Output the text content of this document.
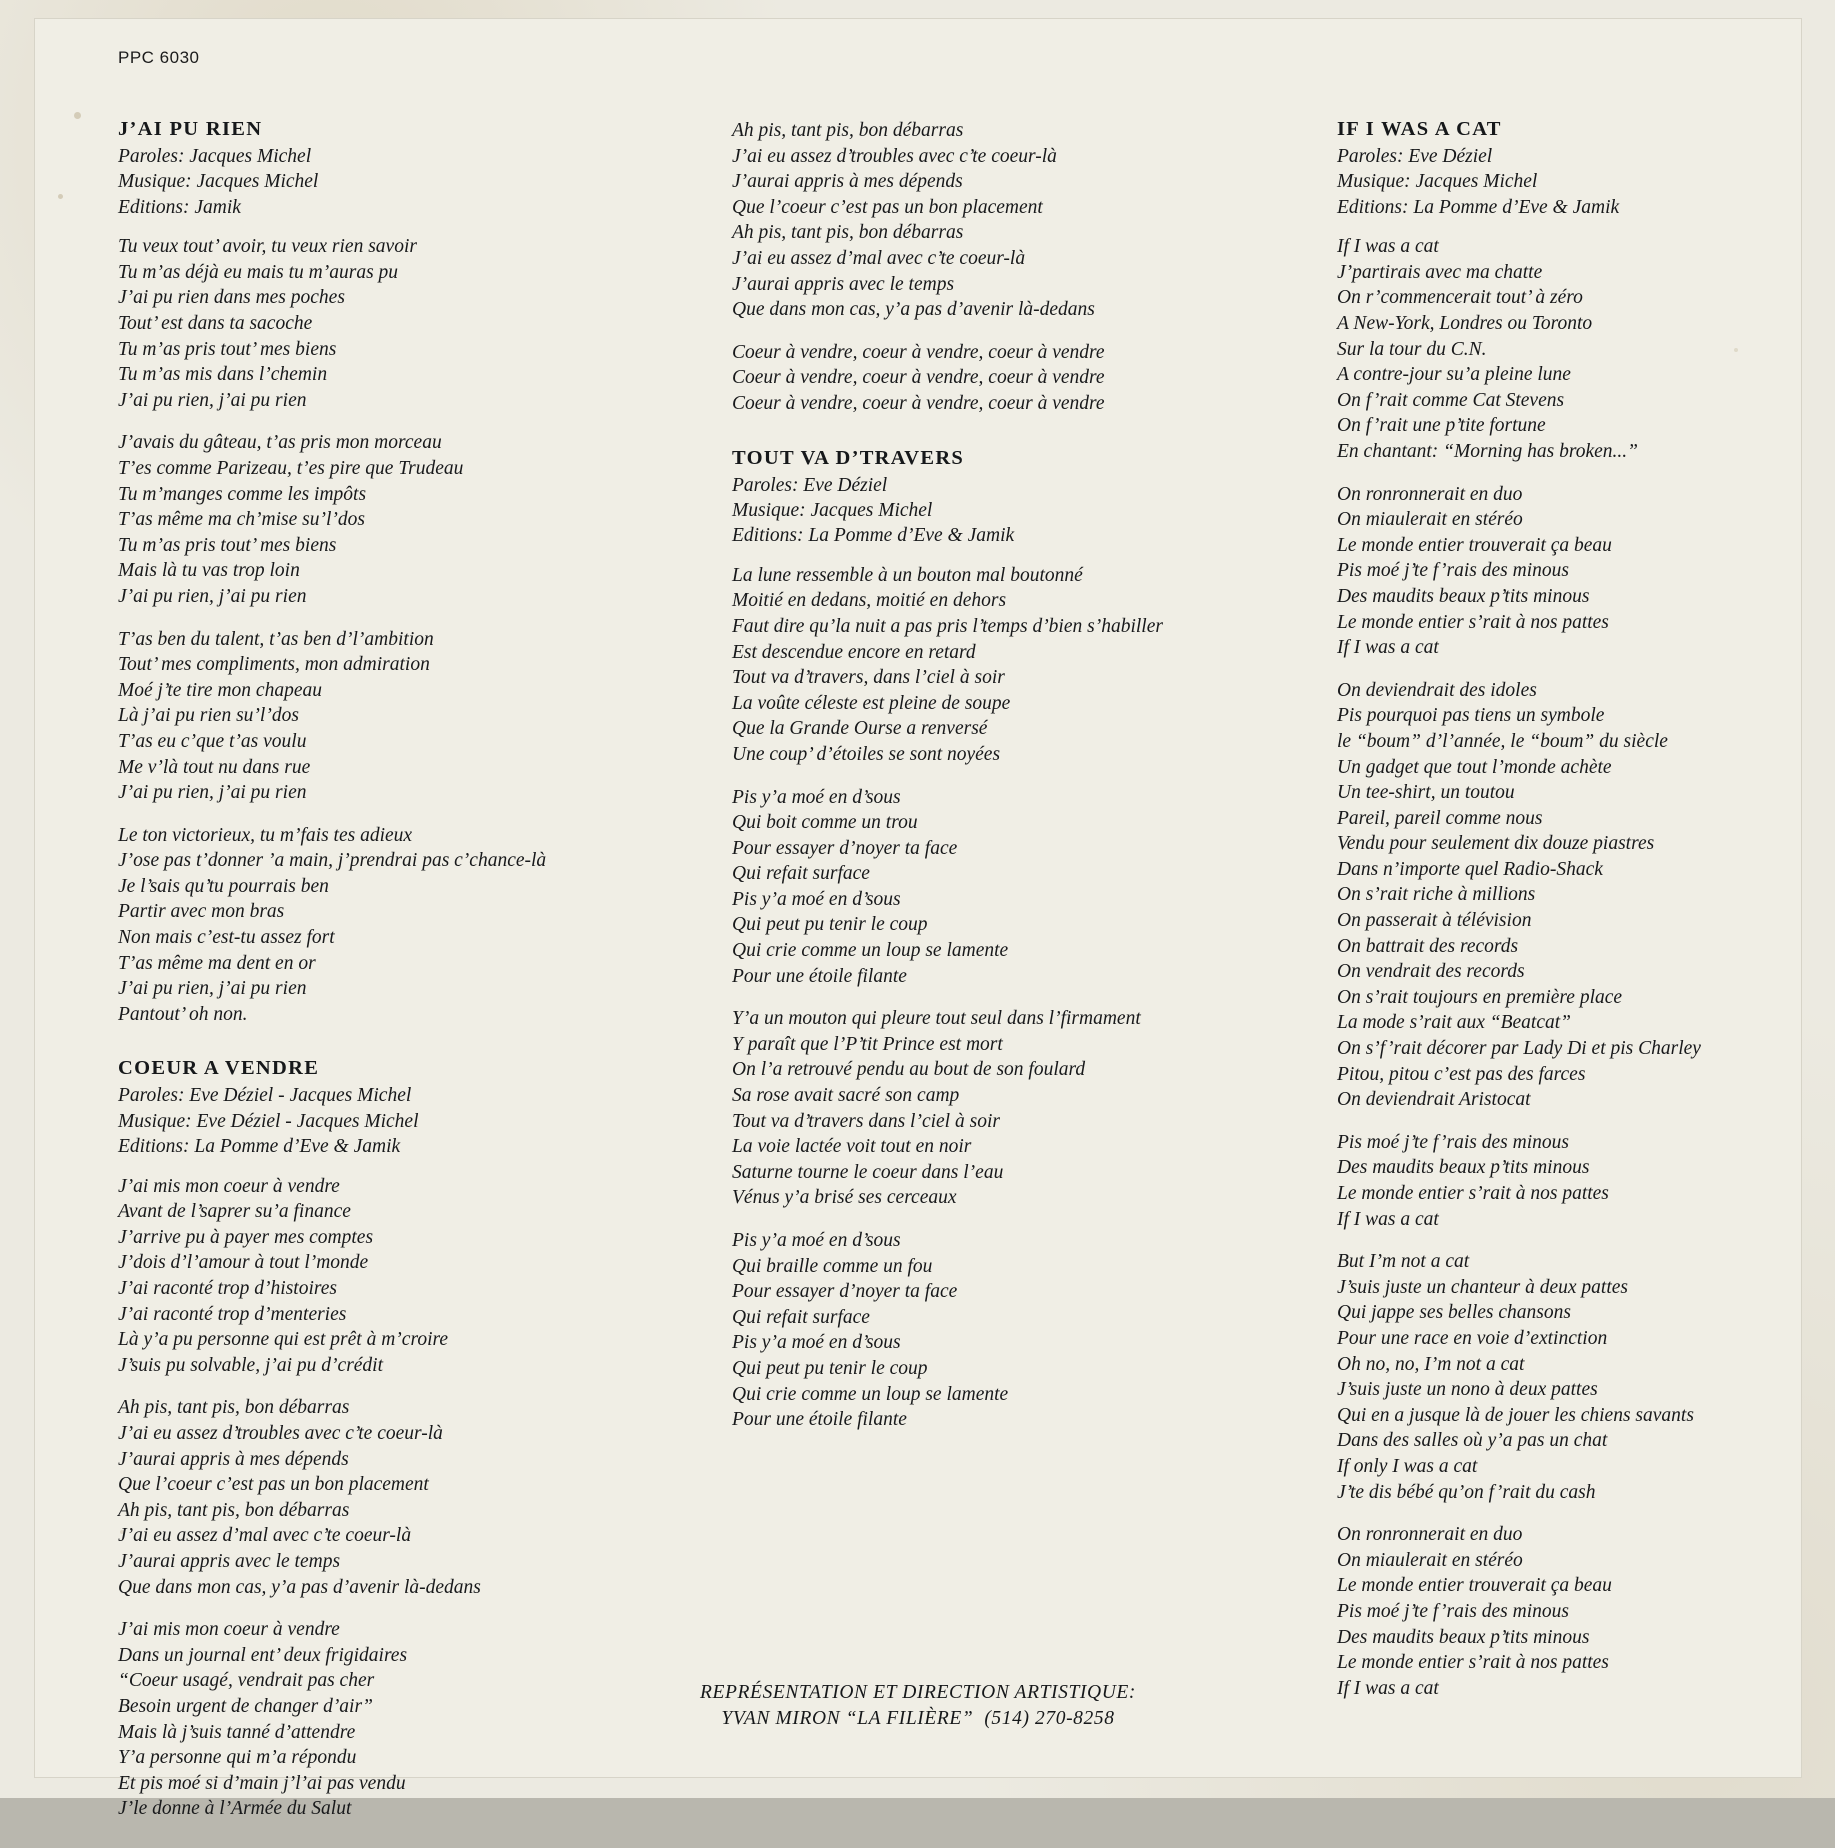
PPC 6030
J’AI PU RIEN
Paroles: Jacques Michel
Musique: Jacques Michel
Editions: Jamik
Tu veux tout’ avoir, tu veux rien savoir
Tu m’as déjà eu mais tu m’auras pu
J’ai pu rien dans mes poches
Tout’ est dans ta sacoche
Tu m’as pris tout’ mes biens
Tu m’as mis dans l’chemin
J’ai pu rien, j’ai pu rien
J’avais du gâteau, t’as pris mon morceau
T’es comme Parizeau, t’es pire que Trudeau
Tu m’manges comme les impôts
T’as même ma ch’mise su’l’dos
Tu m’as pris tout’ mes biens
Mais là tu vas trop loin
J’ai pu rien, j’ai pu rien
T’as ben du talent, t’as ben d’l’ambition
Tout’ mes compliments, mon admiration
Moé j’te tire mon chapeau
Là j’ai pu rien su’l’dos
T’as eu c’que t’as voulu
Me v’là tout nu dans rue
J’ai pu rien, j’ai pu rien
Le ton victorieux, tu m’fais tes adieux
J’ose pas t’donner ’a main, j’prendrai pas c’chance-là
Je l’sais qu’tu pourrais ben
Partir avec mon bras
Non mais c’est-tu assez fort
T’as même ma dent en or
J’ai pu rien, j’ai pu rien
Pantout’ oh non.
COEUR A VENDRE
Paroles: Eve Déziel - Jacques Michel
Musique: Eve Déziel - Jacques Michel
Editions: La Pomme d’Eve & Jamik
J’ai mis mon coeur à vendre
Avant de l’saprer su’a finance
J’arrive pu à payer mes comptes
J’dois d’l’amour à tout l’monde
J’ai raconté trop d’histoires
J’ai raconté trop d’menteries
Là y’a pu personne qui est prêt à m’croire
J’suis pu solvable, j’ai pu d’crédit
Ah pis, tant pis, bon débarras
J’ai eu assez d’troubles avec c’te coeur-là
J’aurai appris à mes dépends
Que l’coeur c’est pas un bon placement
Ah pis, tant pis, bon débarras
J’ai eu assez d’mal avec c’te coeur-là
J’aurai appris avec le temps
Que dans mon cas, y’a pas d’avenir là-dedans
J’ai mis mon coeur à vendre
Dans un journal ent’ deux frigidaires
“Coeur usagé, vendrait pas cher
Besoin urgent de changer d’air”
Mais là j’suis tanné d’attendre
Y’a personne qui m’a répondu
Et pis moé si d’main j’l’ai pas vendu
J’le donne à l’Armée du Salut
Ah pis, tant pis, bon débarras
J’ai eu assez d’troubles avec c’te coeur-là
J’aurai appris à mes dépends
Que l’coeur c’est pas un bon placement
Ah pis, tant pis, bon débarras
J’ai eu assez d’mal avec c’te coeur-là
J’aurai appris avec le temps
Que dans mon cas, y’a pas d’avenir là-dedans
Coeur à vendre, coeur à vendre, coeur à vendre
Coeur à vendre, coeur à vendre, coeur à vendre
Coeur à vendre, coeur à vendre, coeur à vendre
TOUT VA D’TRAVERS
Paroles: Eve Déziel
Musique: Jacques Michel
Editions: La Pomme d’Eve & Jamik
La lune ressemble à un bouton mal boutonné
Moitié en dedans, moitié en dehors
Faut dire qu’la nuit a pas pris l’temps d’bien s’habiller
Est descendue encore en retard
Tout va d’travers, dans l’ciel à soir
La voûte céleste est pleine de soupe
Que la Grande Ourse a renversé
Une coup’ d’étoiles se sont noyées
Pis y’a moé en d’sous
Qui boit comme un trou
Pour essayer d’noyer ta face
Qui refait surface
Pis y’a moé en d’sous
Qui peut pu tenir le coup
Qui crie comme un loup se lamente
Pour une étoile filante
Y’a un mouton qui pleure tout seul dans l’firmament
Y paraît que l’P’tit Prince est mort
On l’a retrouvé pendu au bout de son foulard
Sa rose avait sacré son camp
Tout va d’travers dans l’ciel à soir
La voie lactée voit tout en noir
Saturne tourne le coeur dans l’eau
Vénus y’a brisé ses cerceaux
Pis y’a moé en d’sous
Qui braille comme un fou
Pour essayer d’noyer ta face
Qui refait surface
Pis y’a moé en d’sous
Qui peut pu tenir le coup
Qui crie comme un loup se lamente
Pour une étoile filante
IF I WAS A CAT
Paroles: Eve Déziel
Musique: Jacques Michel
Editions: La Pomme d’Eve & Jamik
If I was a cat
J’partirais avec ma chatte
On r’commencerait tout’ à zéro
A New-York, Londres ou Toronto
Sur la tour du C.N.
A contre-jour su’a pleine lune
On f’rait comme Cat Stevens
On f’rait une p’tite fortune
En chantant: “Morning has broken...”
On ronronnerait en duo
On miaulerait en stéréo
Le monde entier trouverait ça beau
Pis moé j’te f’rais des minous
Des maudits beaux p’tits minous
Le monde entier s’rait à nos pattes
If I was a cat
On deviendrait des idoles
Pis pourquoi pas tiens un symbole
le “boum” d’l’année, le “boum” du siècle
Un gadget que tout l’monde achète
Un tee-shirt, un toutou
Pareil, pareil comme nous
Vendu pour seulement dix douze piastres
Dans n’importe quel Radio-Shack
On s’rait riche à millions
On passerait à télévision
On battrait des records
On vendrait des records
On s’rait toujours en première place
La mode s’rait aux “Beatcat”
On s’f’rait décorer par Lady Di et pis Charley
Pitou, pitou c’est pas des farces
On deviendrait Aristocat
Pis moé j’te f’rais des minous
Des maudits beaux p’tits minous
Le monde entier s’rait à nos pattes
If I was a cat
But I’m not a cat
J’suis juste un chanteur à deux pattes
Qui jappe ses belles chansons
Pour une race en voie d’extinction
Oh no, no, I’m not a cat
J’suis juste un nono à deux pattes
Qui en a jusque là de jouer les chiens savants
Dans des salles où y’a pas un chat
If only I was a cat
J’te dis bébé qu’on f’rait du cash
On ronronnerait en duo
On miaulerait en stéréo
Le monde entier trouverait ça beau
Pis moé j’te f’rais des minous
Des maudits beaux p’tits minous
Le monde entier s’rait à nos pattes
If I was a cat
REPRÉSENTATION ET DIRECTION ARTISTIQUE:
YVAN MIRON “LA FILIÈRE”  (514) 270-8258
